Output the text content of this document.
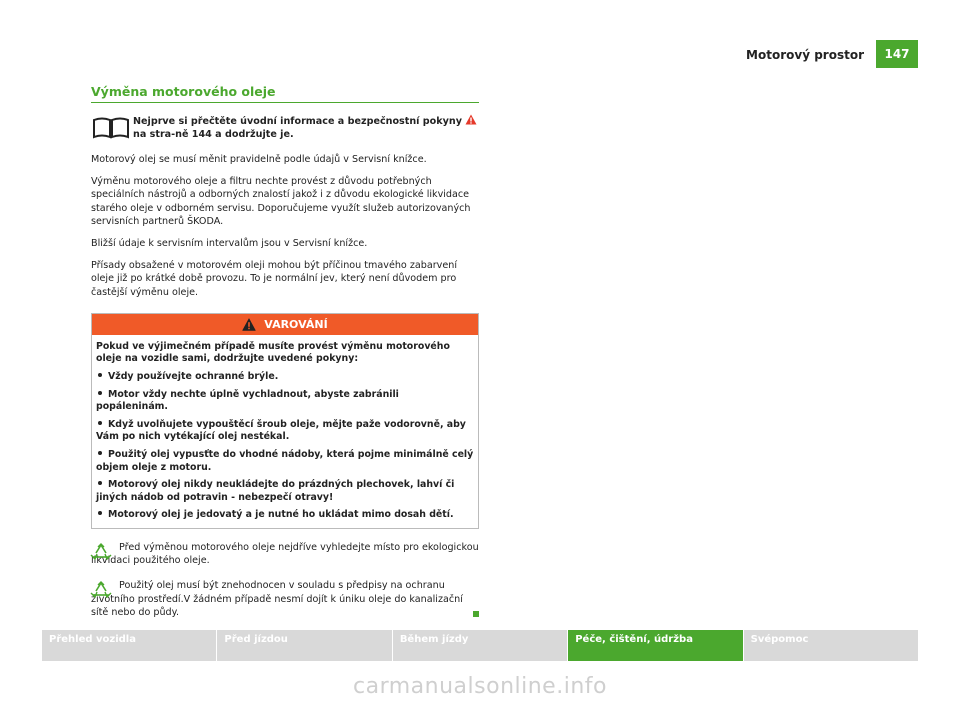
Motorový prostor	147
Výměna motorového oleje
Nejprve si přečtěte úvodní informace a bezpečnostní pokyny  na stra-ně 144 a dodržujte je.

Motorový olej se musí měnit pravidelně podle údajů v Servisní knížce.

Výměnu motorového oleje a filtru nechte provést z důvodu potřebných speciálních nástrojů a odborných znalostí jakož i z důvodu ekologické likvidace starého oleje v odborném servisu. Doporučujeme využít služeb autorizovaných servisních partnerů ŠKODA.

Bližší údaje k servisním intervalům jsou v Servisní knížce.

Přísady obsažené v motorovém oleji mohou být příčinou tmavého zabarvení oleje již po krátké době provozu. To je normální jev, který není důvodem pro častější výměnu oleje.

VAROVÁNÍ

Pokud ve výjimečném případě musíte provést výměnu motorového oleje na vozidle sami, dodržujte uvedené pokyny:

Vždy používejte ochranné brýle.

Motor vždy nechte úplně vychladnout, abyste zabránili popáleninám.

Když uvolňujete vypouštěcí šroub oleje, mějte paže vodorovně, aby Vám po nich vytékající olej nestékal.

Použitý olej vypusťte do vhodné nádoby, která pojme minimálně celý objem oleje z motoru.

Motorový olej nikdy neukládejte do prázdných plechovek, lahví či jiných nádob od potravin - nebezpečí otravy!

Motorový olej je jedovatý a je nutné ho ukládat mimo dosah dětí.

Před výměnou motorového oleje nejdříve vyhledejte místo pro ekologickou likvidaci použitého oleje.

Použitý olej musí být znehodnocen v souladu s předpisy na ochranu životního prostředí.V žádném případě nesmí dojít k úniku oleje do kanalizační sítě nebo do půdy.

Přehled vozidla	Před jízdou	Během jízdy	Péče, čištění, údržba	Svépomoc
carmanualsonline.info
